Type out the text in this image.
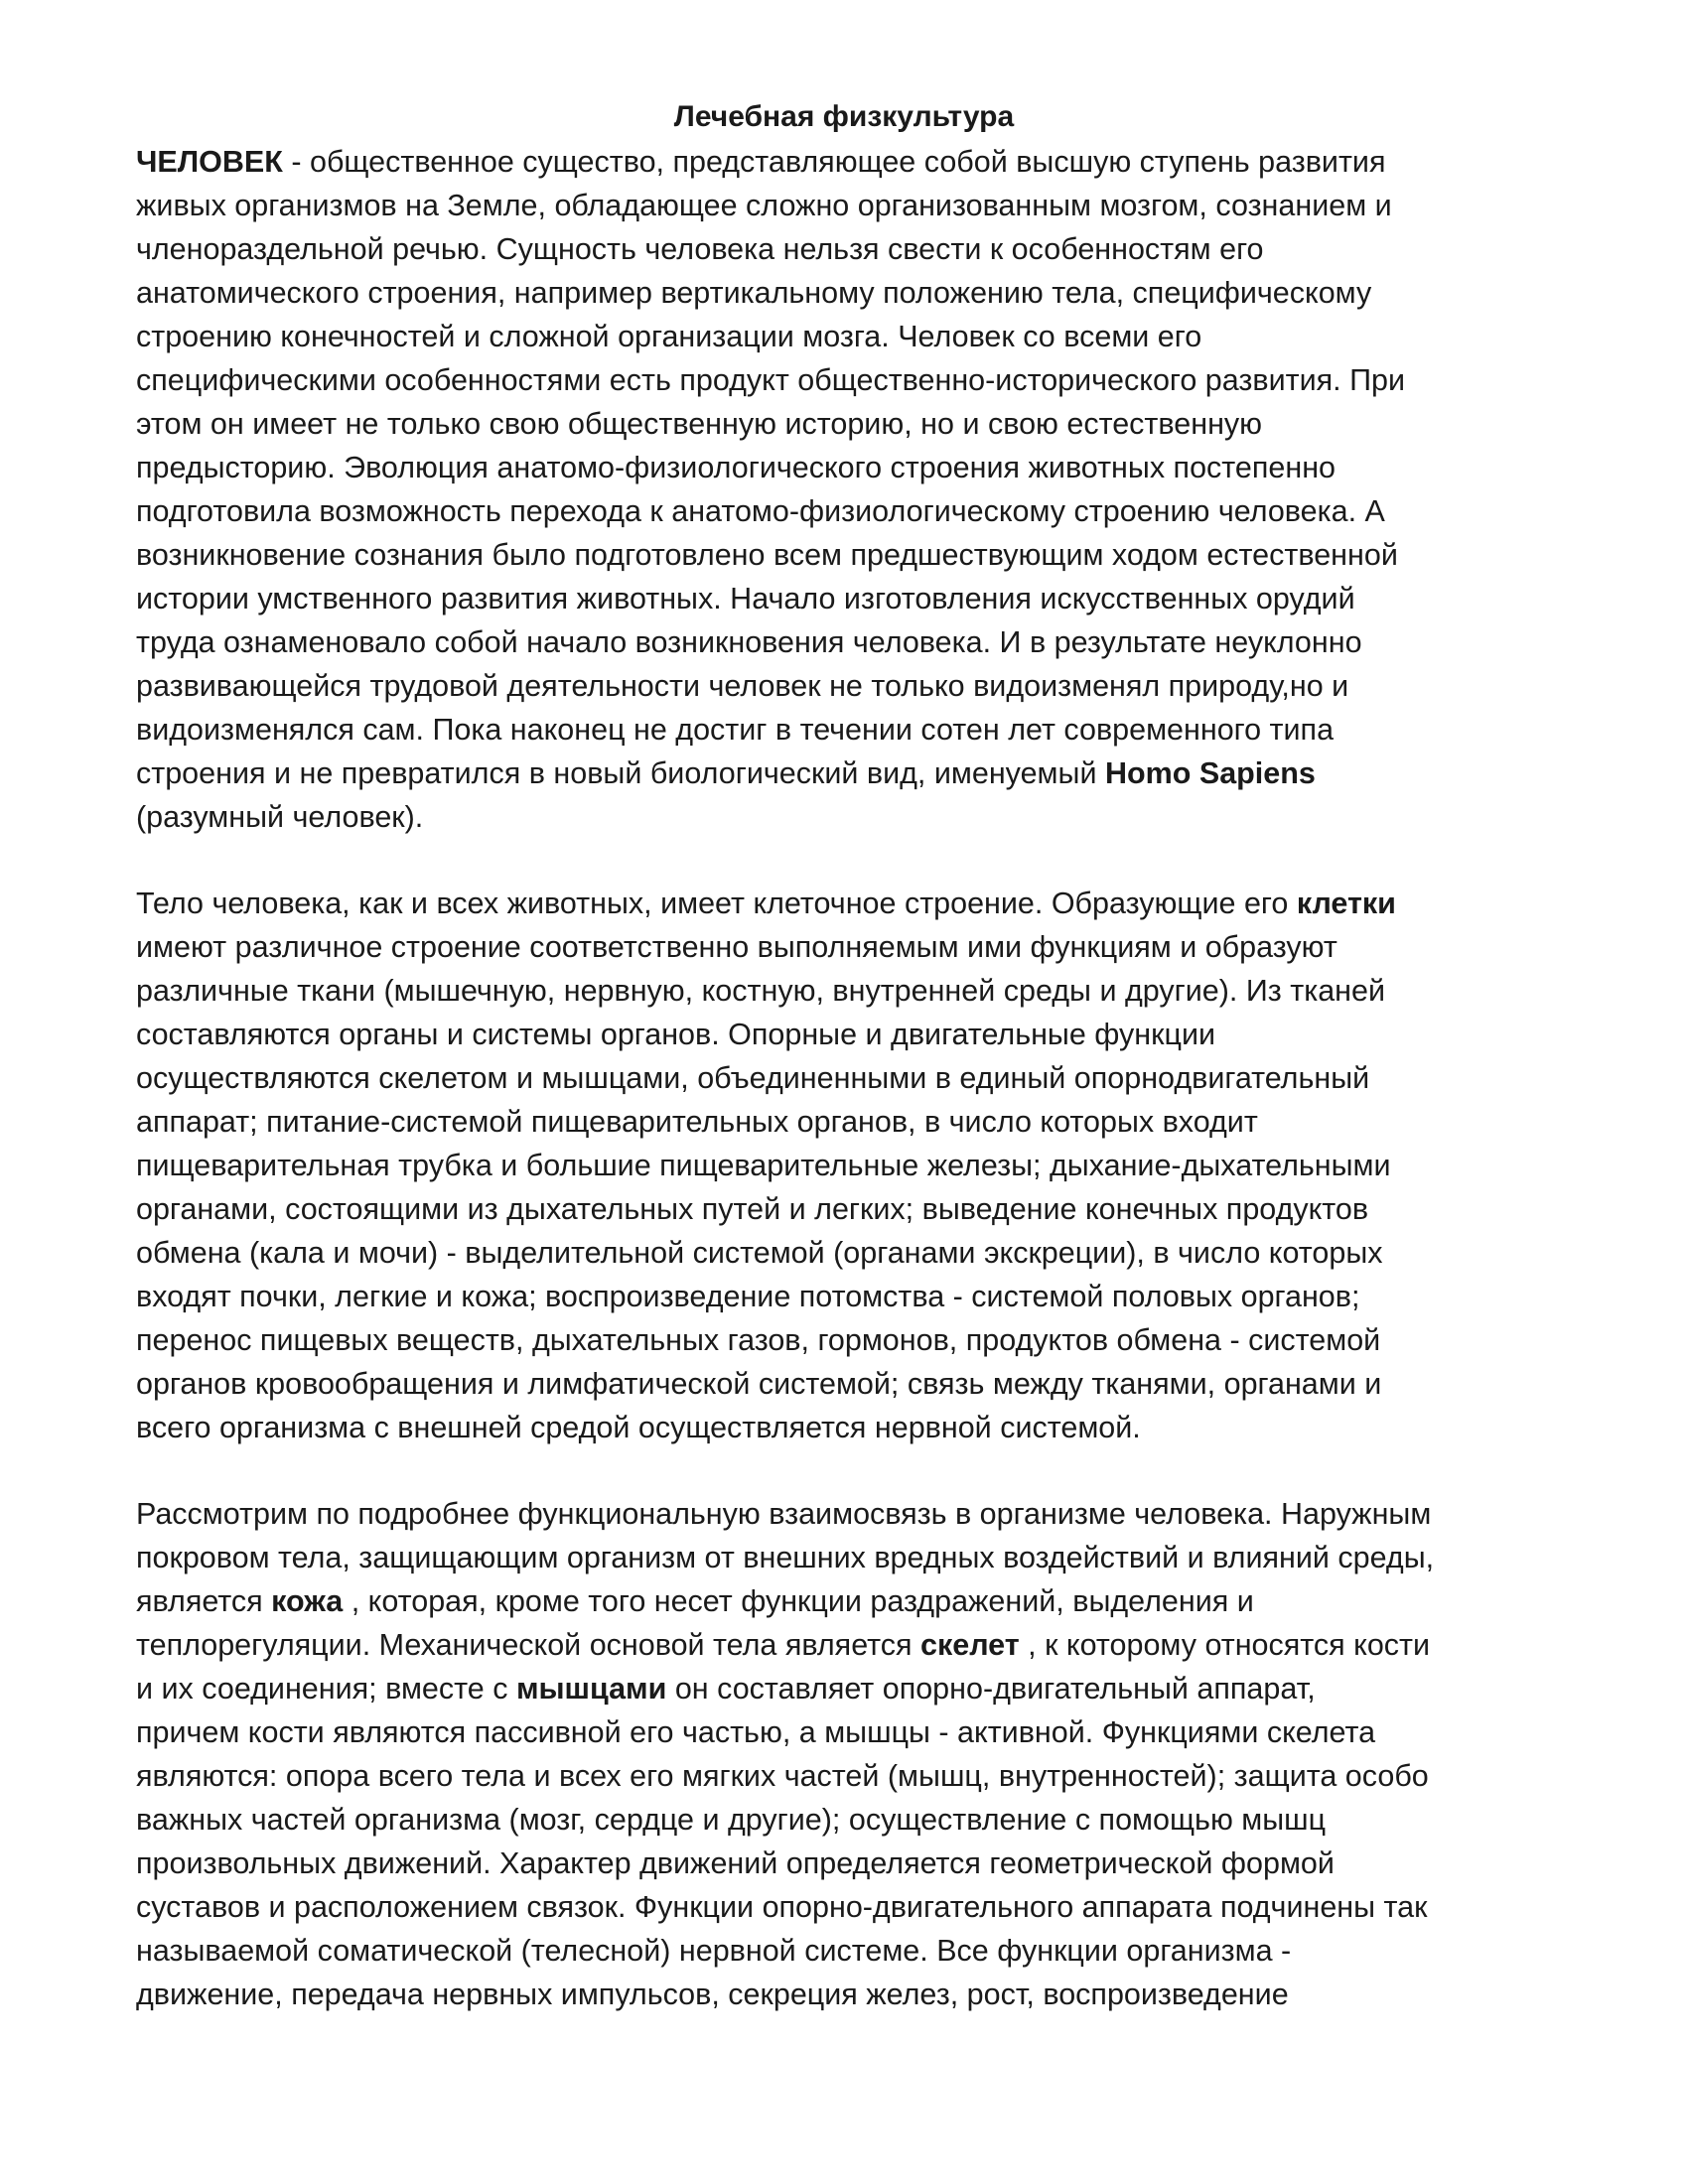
Лечебная физкультура
ЧЕЛОВЕК - общественное существо, представляющее собой высшую ступень развития
живых организмов на Земле, обладающее сложно организованным мозгом, сознанием и
членораздельной речью. Сущность человека нельзя свести к особенностям его
анатомического строения, например вертикальному положению тела, специфическому
строению конечностей и сложной организации мозга. Человек со всеми его
специфическими особенностями есть продукт общественно-исторического развития. При
этом он имеет не только свою общественную историю, но и свою естественную
предысторию. Эволюция анатомо-физиологического строения животных постепенно
подготовила возможность перехода к анатомо-физиологическому строению человека. А
возникновение сознания было подготовлено всем предшествующим ходом естественной
истории умственного развития животных. Начало изготовления искусственных орудий
труда ознаменовало собой начало возникновения человека. И в результате неуклонно
развивающейся трудовой деятельности человек не только видоизменял природу,но и
видоизменялся сам. Пока наконец не достиг в течении сотен лет современного типа
строения и не превратился в новый биологический вид, именуемый Homo Sapiens
(разумный человек).
Тело человека, как и всех животных, имеет клеточное строение. Образующие его клетки
имеют различное строение соответственно выполняемым ими функциям и образуют
различные ткани (мышечную, нервную, костную, внутренней среды и другие). Из тканей
составляются органы и системы органов. Опорные и двигательные функции
осуществляются скелетом и мышцами, объединенными в единый опорнодвигательный
аппарат; питание-системой пищеварительных органов, в число которых входит
пищеварительная трубка и большие пищеварительные железы; дыхание-дыхательными
органами, состоящими из дыхательных путей и легких; выведение конечных продуктов
обмена (кала и мочи) - выделительной системой (органами экскреции), в число которых
входят почки, легкие и кожа; воспроизведение потомства - системой половых органов;
перенос пищевых веществ, дыхательных газов, гормонов, продуктов обмена - системой
органов кровообращения и лимфатической системой; связь между тканями, органами и
всего организма с внешней средой осуществляется нервной системой.
Рассмотрим по подробнее функциональную взаимосвязь в организме человека. Наружным
покровом тела, защищающим организм от внешних вредных воздействий и влияний среды,
является кожа , которая, кроме того несет функции раздражений, выделения и
теплорегуляции. Механической основой тела является скелет , к которому относятся кости
и их соединения; вместе с мышцами он составляет опорно-двигательный аппарат,
причем кости являются пассивной его частью, а мышцы - активной. Функциями скелета
являются: опора всего тела и всех его мягких частей (мышц, внутренностей); защита особо
важных частей организма (мозг, сердце и другие); осуществление с помощью мышц
произвольных движений. Характер движений определяется геометрической формой
суставов и расположением связок. Функции опорно-двигательного аппарата подчинены так
называемой соматической (телесной) нервной системе. Все функции организма -
движение, передача нервных импульсов, секреция желез, рост, воспроизведение
